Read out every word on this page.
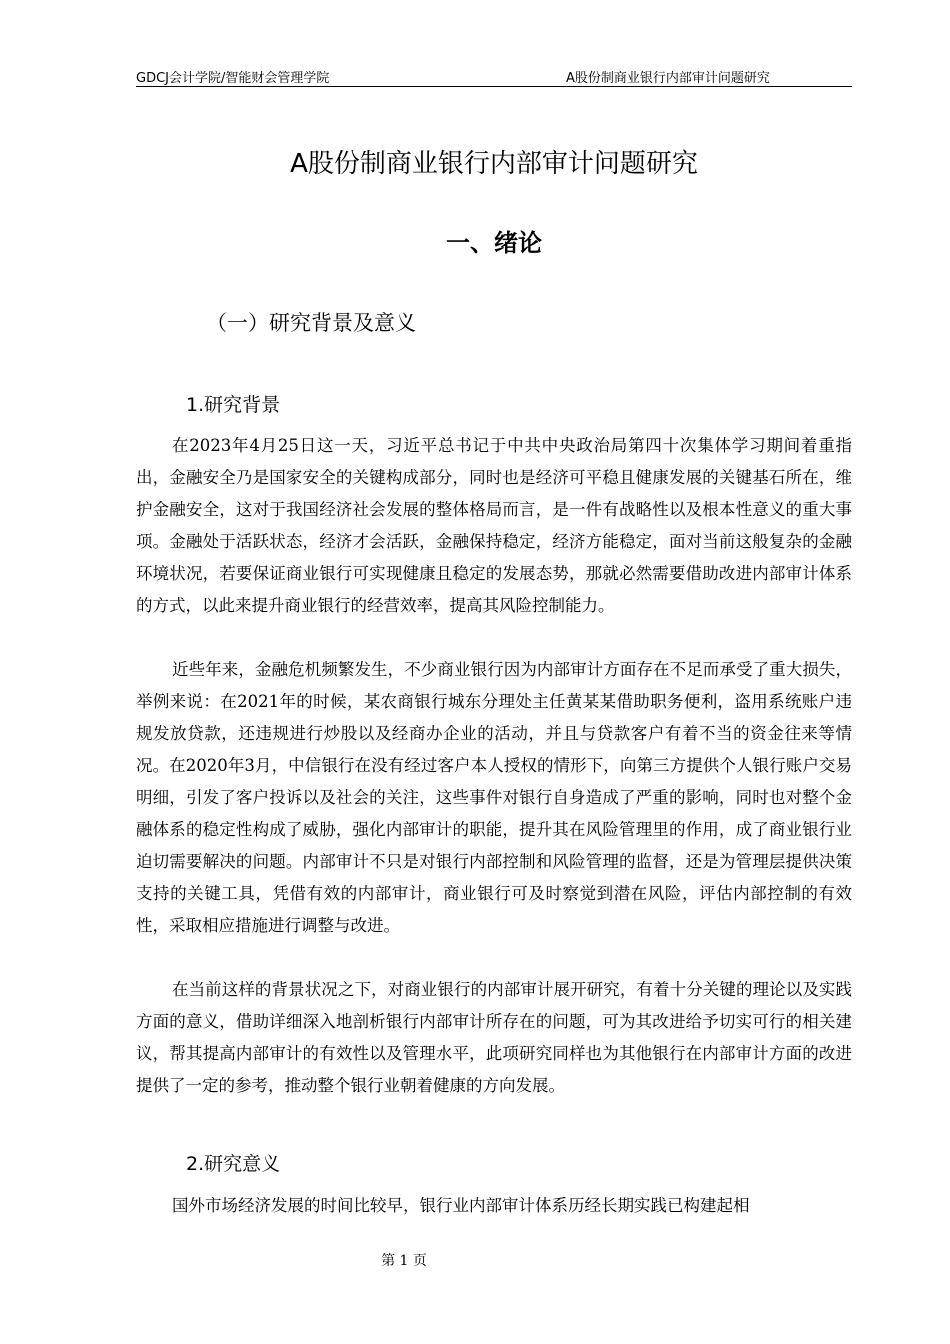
GDCJ会计学院/智能财会管理学院	A股份制商业银行内部审计问题研究
A股份制商业银行内部审计问题研究
一、绪论
（一）研究背景及意义
1.研究背景

在2023年4月25日这一天，习近平总书记于中共中央政治局第四十次集体学习期间着重指出，金融安全乃是国家安全的关键构成部分，同时也是经济可平稳且健康发展的关键基石所在，维护金融安全，这对于我国经济社会发展的整体格局而言，是一件有战略性以及根本性意义的重大事项。金融处于活跃状态，经济才会活跃，金融保持稳定，经济方能稳定，面对当前这般复杂的金融环境状况，若要保证商业银行可实现健康且稳定的发展态势，那就必然需要借助改进内部审计体系的方式，以此来提升商业银行的经营效率，提高其风险控制能力。

近些年来，金融危机频繁发生，不少商业银行因为内部审计方面存在不足而承受了重大损失，举例来说：在2021年的时候，某农商银行城东分理处主任黄某某借助职务便利，盗用系统账户违规发放贷款，还违规进行炒股以及经商办企业的活动，并且与贷款客户有着不当的资金往来等情况。在2020年3月，中信银行在没有经过客户本人授权的情形下，向第三方提供个人银行账户交易明细，引发了客户投诉以及社会的关注，这些事件对银行自身造成了严重的影响，同时也对整个金融体系的稳定性构成了威胁，强化内部审计的职能，提升其在风险管理里的作用，成了商业银行业迫切需要解决的问题。内部审计不只是对银行内部控制和风险管理的监督，还是为管理层提供决策支持的关键工具，凭借有效的内部审计，商业银行可及时察觉到潜在风险，评估内部控制的有效性，采取相应措施进行调整与改进。

在当前这样的背景状况之下，对商业银行的内部审计展开研究，有着十分关键的理论以及实践方面的意义，借助详细深入地剖析银行内部审计所存在的问题，可为其改进给予切实可行的相关建议，帮其提高内部审计的有效性以及管理水平，此项研究同样也为其他银行在内部审计方面的改进提供了一定的参考，推动整个银行业朝着健康的方向发展。

2.研究意义

国外市场经济发展的时间比较早，银行业内部审计体系历经长期实践已构建起相

第 1 页
